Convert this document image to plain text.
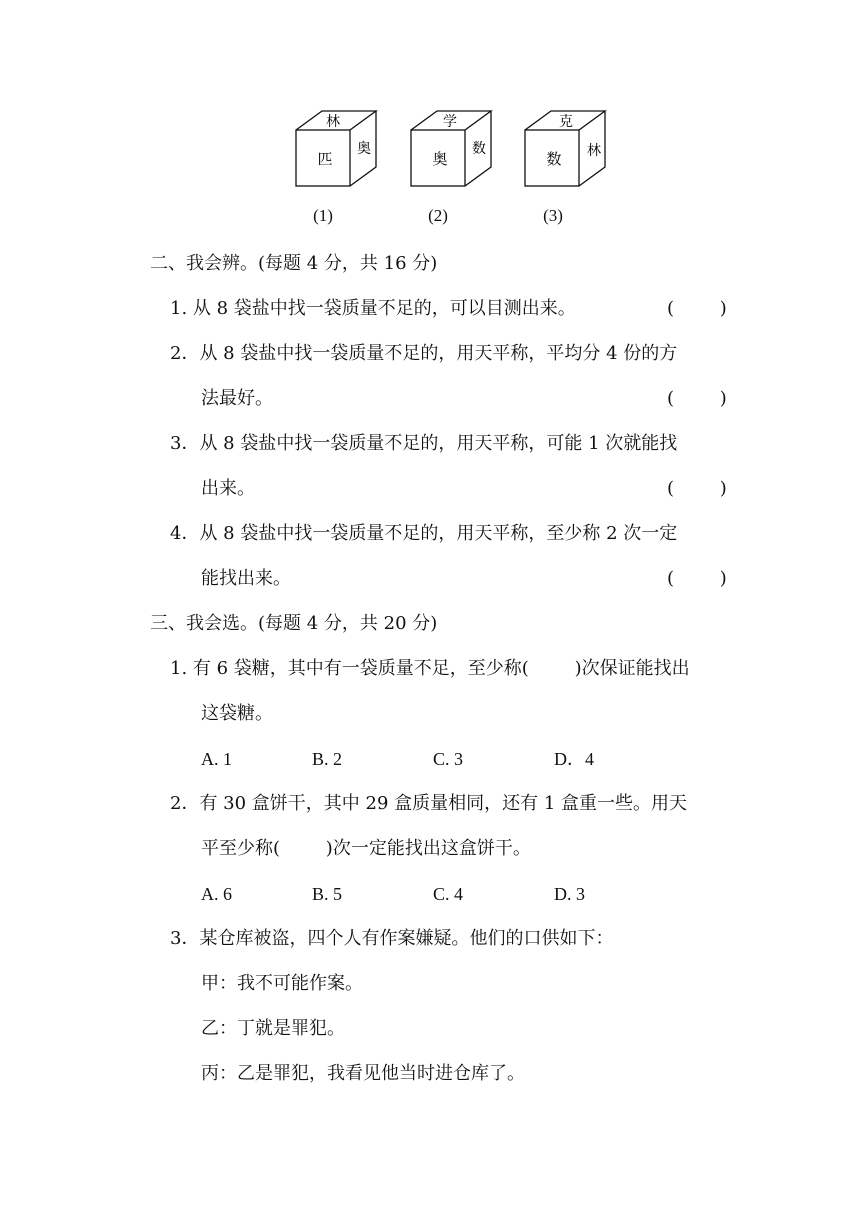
林
匹
奥
学
奥
数
克
数 林
(1)	(2)	(3)
二、我会辨。(每题 4 分，共 16 分)
1. 从 8 袋盐中找一袋质量不足的，可以目测出来。	(        )
2．从 8 袋盐中找一袋质量不足的，用天平称，平均分 4 份的方
法最好。	(        )
3．从 8 袋盐中找一袋质量不足的，用天平称，可能 1 次就能找
出来。	(        )
4．从 8 袋盐中找一袋质量不足的，用天平称，至少称 2 次一定
能找出来。	(        )
三、我会选。(每题 4 分，共 20 分)
1. 有 6 袋糖，其中有一袋质量不足，至少称(        )次保证能找出
这袋糖。
A. 1	B. 2	C. 3	D．4
2．有 30 盒饼干，其中 29 盒质量相同，还有 1 盒重一些。用天
平至少称(        )次一定能找出这盒饼干。
A. 6	B. 5	C. 4	D. 3
3．某仓库被盗，四个人有作案嫌疑。他们的口供如下：
甲：我不可能作案。
乙：丁就是罪犯。
丙：乙是罪犯，我看见他当时进仓库了。
